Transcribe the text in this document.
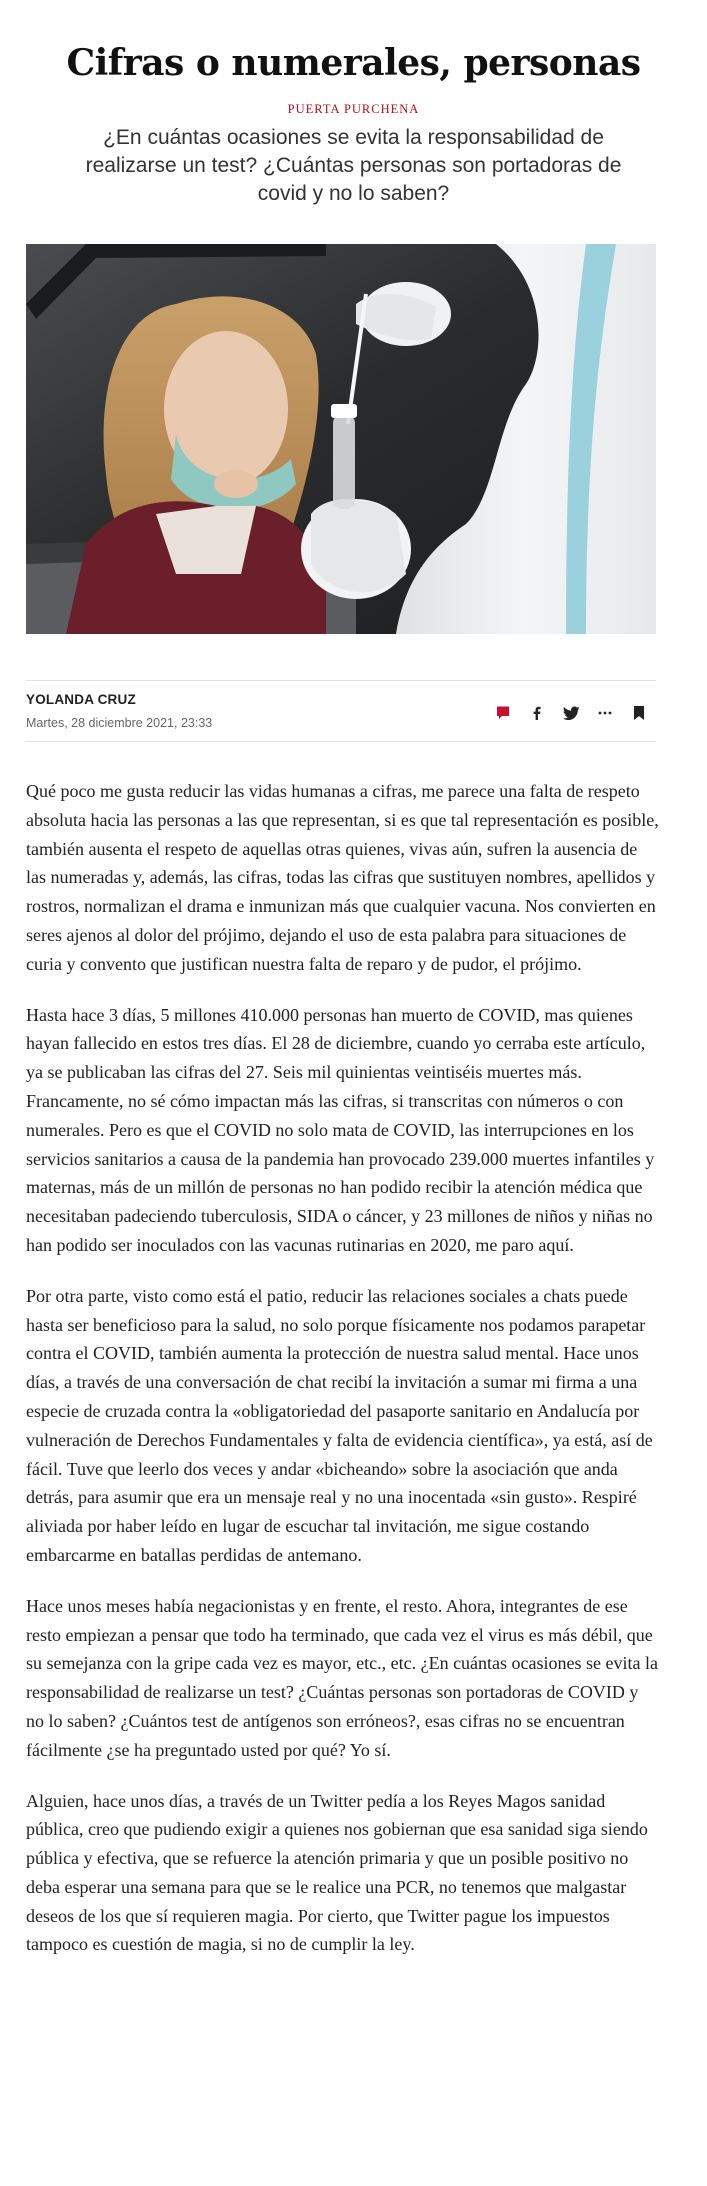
Cifras o numerales, personas
PUERTA PURCHENA
¿En cuántas ocasiones se evita la responsabilidad de realizarse un test? ¿Cuántas personas son portadoras de covid y no lo saben?
YOLANDA CRUZ
Martes, 28 diciembre 2021, 23:33

Qué poco me gusta reducir las vidas humanas a cifras, me parece una falta de respeto absoluta hacia las personas a las que representan, si es que tal representación es posible, también ausenta el respeto de aquellas otras quienes, vivas aún, sufren la ausencia de las numeradas y, además, las cifras, todas las cifras que sustituyen nombres, apellidos y rostros, normalizan el drama e inmunizan más que cualquier vacuna. Nos convierten en seres ajenos al dolor del prójimo, dejando el uso de esta palabra para situaciones de curia y convento que justifican nuestra falta de reparo y de pudor, el prójimo.

Hasta hace 3 días, 5 millones 410.000 personas han muerto de COVID, mas quienes hayan fallecido en estos tres días. El 28 de diciembre, cuando yo cerraba este artículo, ya se publicaban las cifras del 27. Seis mil quinientas veintiséis muertes más. Francamente, no sé cómo impactan más las cifras, si transcritas con números o con numerales. Pero es que el COVID no solo mata de COVID, las interrupciones en los servicios sanitarios a causa de la pandemia han provocado 239.000 muertes infantiles y maternas, más de un millón de personas no han podido recibir la atención médica que necesitaban padeciendo tuberculosis, SIDA o cáncer, y 23 millones de niños y niñas no han podido ser inoculados con las vacunas rutinarias en 2020, me paro aquí.

Por otra parte, visto como está el patio, reducir las relaciones sociales a chats puede hasta ser beneficioso para la salud, no solo porque físicamente nos podamos parapetar contra el COVID, también aumenta la protección de nuestra salud mental. Hace unos días, a través de una conversación de chat recibí la invitación a sumar mi firma a una especie de cruzada contra la «obligatoriedad del pasaporte sanitario en Andalucía por vulneración de Derechos Fundamentales y falta de evidencia científica», ya está, así de fácil. Tuve que leerlo dos veces y andar «bicheando» sobre la asociación que anda detrás, para asumir que era un mensaje real y no una inocentada «sin gusto». Respiré aliviada por haber leído en lugar de escuchar tal invitación, me sigue costando embarcarme en batallas perdidas de antemano.

Hace unos meses había negacionistas y en frente, el resto. Ahora, integrantes de ese resto empiezan a pensar que todo ha terminado, que cada vez el virus es más débil, que su semejanza con la gripe cada vez es mayor, etc., etc. ¿En cuántas ocasiones se evita la responsabilidad de realizarse un test? ¿Cuántas personas son portadoras de COVID y no lo saben? ¿Cuántos test de antígenos son erróneos?, esas cifras no se encuentran fácilmente ¿se ha preguntado usted por qué? Yo sí.

Alguien, hace unos días, a través de un Twitter pedía a los Reyes Magos sanidad pública, creo que pudiendo exigir a quienes nos gobiernan que esa sanidad siga siendo pública y efectiva, que se refuerce la atención primaria y que un posible positivo no deba esperar una semana para que se le realice una PCR, no tenemos que malgastar deseos de los que sí requieren magia. Por cierto, que Twitter pague los impuestos tampoco es cuestión de magia, si no de cumplir la ley.
